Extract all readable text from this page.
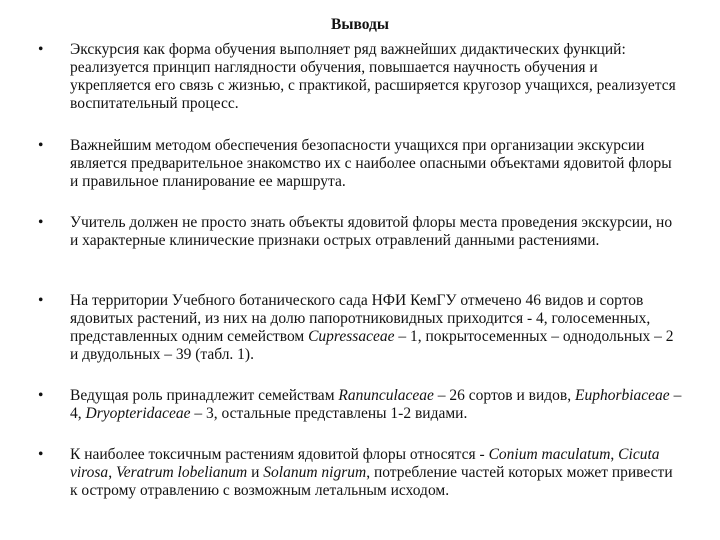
Выводы
• Экскурсия как форма обучения выполняет ряд важнейших дидактических функций: реализуется принцип наглядности обучения, повышается научность обучения и укрепляется его связь с жизнью, с практикой, расширяется кругозор учащихся, реализуется воспитательный процесс.
• Важнейшим методом обеспечения безопасности учащихся при организации экскурсии является предварительное знакомство их с наиболее опасными объектами ядовитой флоры и правильное планирование ее маршрута.
• Учитель должен не просто знать объекты ядовитой флоры места проведения экскурсии, но и характерные клинические признаки острых отравлений данными растениями.
• На территории Учебного ботанического сада НФИ КемГУ отмечено 46 видов и сортов ядовитых растений, из них на долю папоротниковидных приходится - 4, голосеменных, представленных одним семейством Cupressaceae – 1, покрытосеменных – однодольных – 2 и двудольных – 39 (табл. 1).
• Ведущая роль принадлежит семействам Ranunculaceae – 26 сортов и видов, Euphorbiaceae – 4, Dryopteridaceae – 3, остальные представлены 1-2 видами.
• К наиболее токсичным растениям ядовитой флоры относятся - Conium maculatum, Cicuta virosa, Veratrum lobelianum и Solanum nigrum, потребление частей которых может привести к острому отравлению с возможным летальным исходом.
